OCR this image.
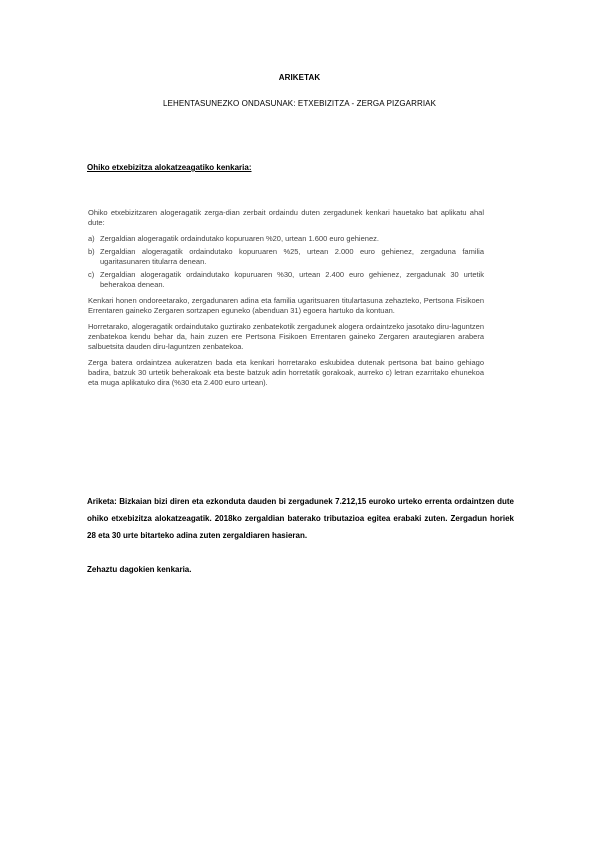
ARIKETAK
LEHENTASUNEZKO ONDASUNAK: ETXEBIZITZA - ZERGA PIZGARRIAK
Ohiko etxebizitza alokatzeagatiko kenkaria:

Ohiko etxebizitzaren alogeragatik zerga-dian zerbait ordaindu duten zergadunek kenkari hauetako bat aplikatu ahal dute:

a) Zergaldian alogeragatik ordaindutako kopuruaren %20, urtean 1.600 euro gehienez.
b) Zergaldian alogeragatik ordaindutako kopuruaren %25, urtean 2.000 euro gehienez, zergaduna familia ugaritasunaren titularra denean.
c) Zergaldian alogeragatik ordaindutako kopuruaren %30, urtean 2.400 euro gehienez, zergadunak 30 urtetik beherakoa denean.

Kenkari honen ondoreetarako, zergadunaren adina eta familia ugaritsuaren titulartasuna zehazteko, Pertsona Fisikoen Errentaren gaineko Zergaren sortzapen eguneko (abenduan 31) egoera hartuko da kontuan.

Horretarako, alogeragatik ordaindutako guztirako zenbatekotik zergadunek alogera ordaintzeko jasotako diru-laguntzen zenbatekoa kendu behar da, hain zuzen ere Pertsona Fisikoen Errentaren gaineko Zergaren arautegiaren arabera salbuetsita dauden diru-laguntzen zenbatekoa.

Zerga batera ordaintzea aukeratzen bada eta kenkari horretarako eskubidea dutenak pertsona bat baino gehiago badira, batzuk 30 urtetik beherakoak eta beste batzuk adin horretatik gorakoak, aurreko c) letran ezarritako ehunekoa eta muga aplikatuko dira (%30 eta 2.400 euro urtean).

Ariketa: Bizkaian bizi diren eta ezkonduta dauden bi zergadunek 7.212,15 euroko urteko errenta ordaintzen dute ohiko etxebizitza alokatzeagatik. 2018ko zergaldian baterako tributazioa egitea erabaki zuten. Zergadun horiek 28 eta 30 urte bitarteko adina zuten zergaldiaren hasieran.
Zehaztu dagokien kenkaria.
